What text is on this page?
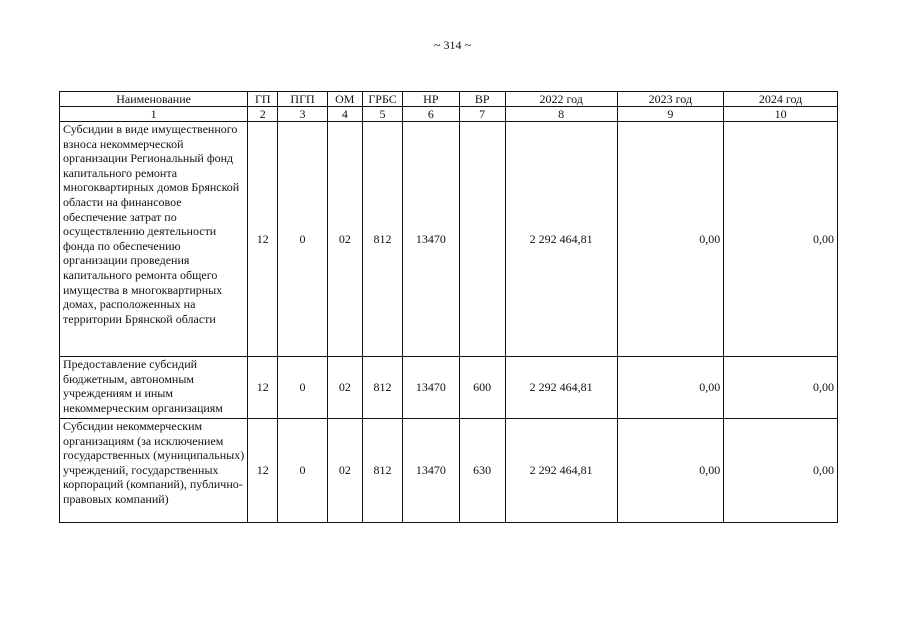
~ 314 ~
Наименование	ГП	ПГП	ОМ	ГРБС	НР	ВР	2022 год	2023 год	2024 год
1	2	3	4	5	6	7	8	9	10
Субсидии в виде имущественного взноса некоммерческой организации Региональный фонд капитального ремонта многоквартирных домов Брянской области на финансовое обеспечение затрат по осуществлению деятельности фонда по обеспечению организации проведения капитального ремонта общего имущества в многоквартирных домах, расположенных на территории Брянской области	12	0	02	812	13470		2 292 464,81	0,00	0,00
Предоставление субсидий бюджетным, автономным учреждениям и иным некоммерческим организациям	12	0	02	812	13470	600	2 292 464,81	0,00	0,00
Субсидии некоммерческим организациям (за исключением государственных (муниципальных) учреждений, государственных корпораций (компаний), публично-правовых компаний)	12	0	02	812	13470	630	2 292 464,81	0,00	0,00
